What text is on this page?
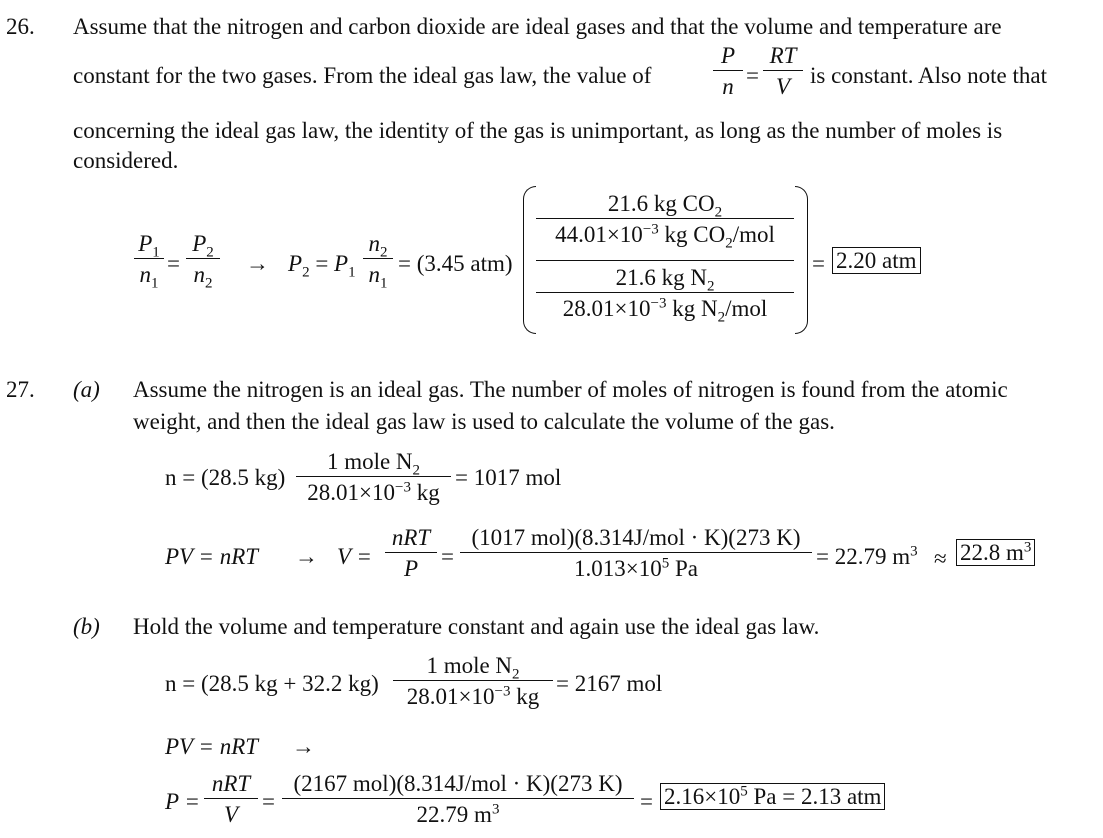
26. Assume that the nitrogen and carbon dioxide are ideal gases and that the volume and temperature are
constant for the two gases. From the ideal gas law, the value of
P
n =
RT
V is constant. Also note that
concerning the ideal gas law, the identity of the gas is unimportant, as long as the number of moles is
considered.
$P_1$
$n_1$
=
$P_2$
$n_2$
→ $P_2 = P_1$
$n_2$
$n_1$
= (3.45 atm)
21.6 kg $CO_2$
$44.01\times 10^{-3}$ kg $CO_2$/mol
21.6 kg $N_2$
$28.01\times 10^{-3}$ kg $N_2$/mol
= 2.20 atm
27. (a) Assume the nitrogen is an ideal gas. The number of moles of nitrogen is found from the atomic
weight, and then the ideal gas law is used to calculate the volume of the gas.
n = (28.5 kg)
1 mole $N_2$
$28.01\times 10^{-3}$ kg
= 1017 mol
PV = nRT → V =
nRT
P =
(1017 mol)(8.314J/mol · K)(273 K)
$1.013\times 10^5$ Pa	= 22.79 $m^3 \approx 22.8$ $m^3$
(b) Hold the volume and temperature constant and again use the ideal gas law.
n = (28.5 kg + 32.2 kg)
1 mole $N_2$
$28.01\times 10^{-3}$ kg
= 2167 mol
PV = nRT →
P =
nRT
V
=
(2167 mol)(8.314J/mol · K)(273 K)
22.79 $m^3$	= $2.16\times 10^5$ Pa = 2.13 atm
